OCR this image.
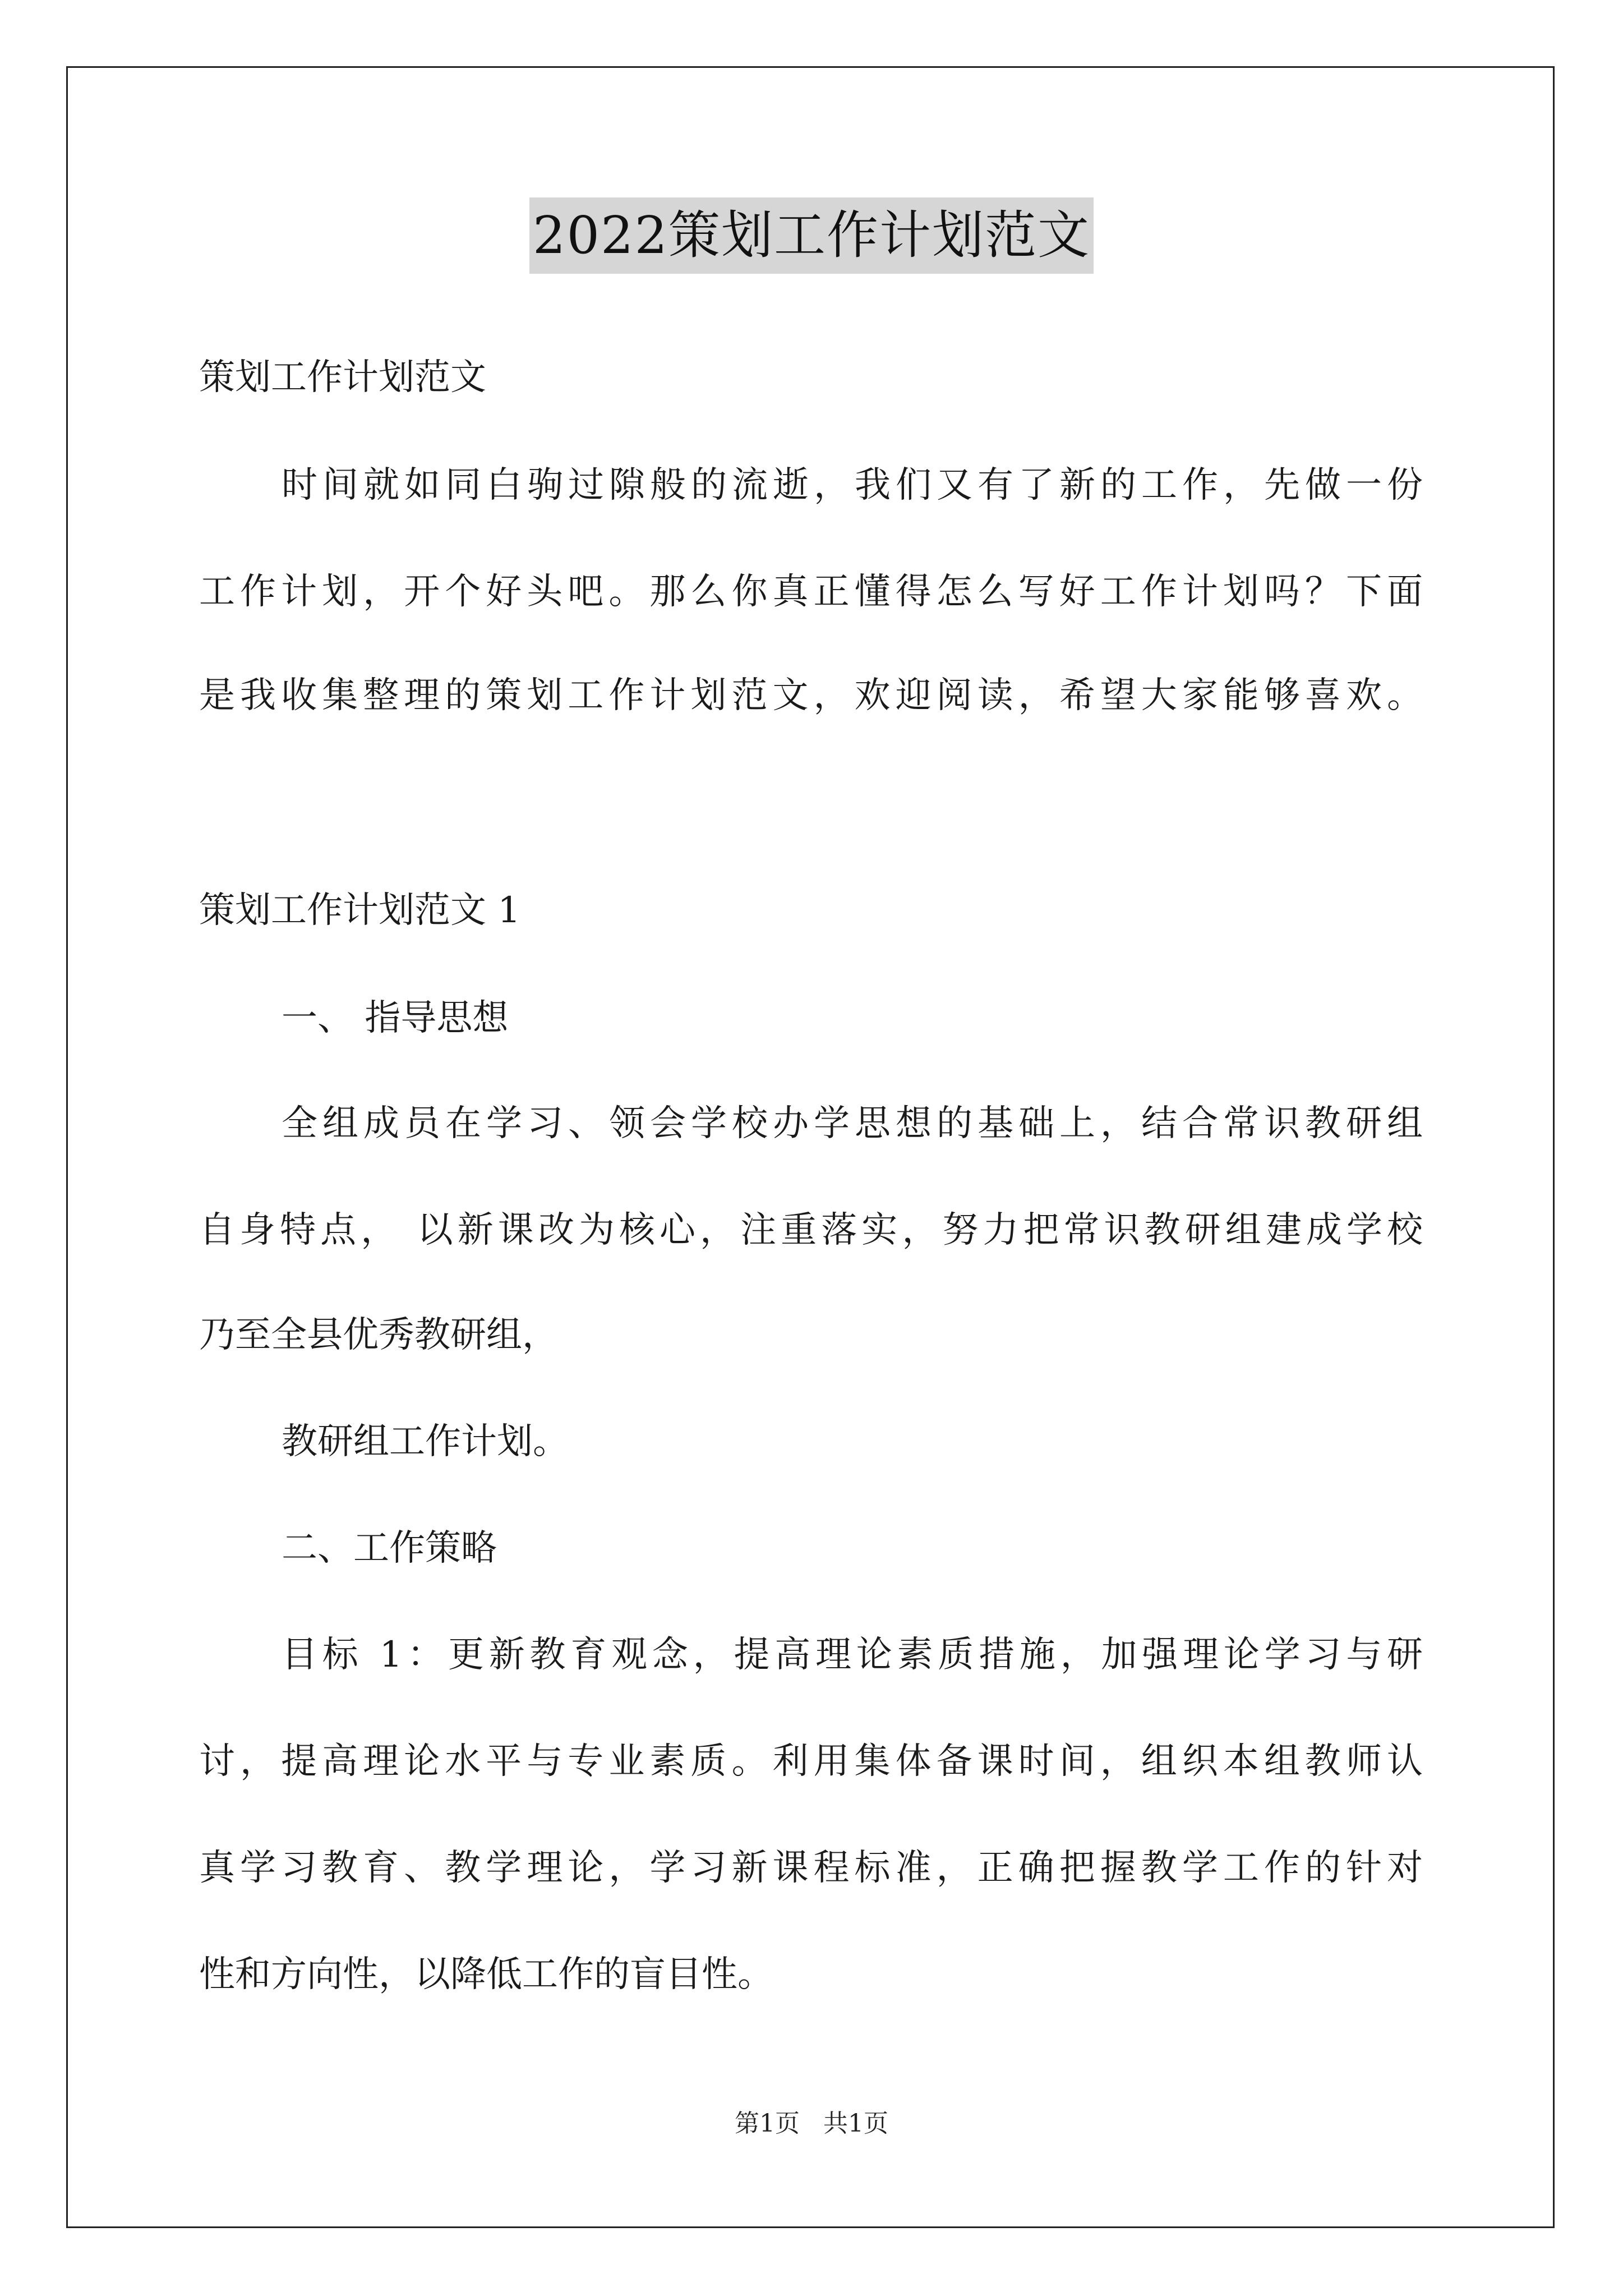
2022策划工作计划范文
策划工作计划范文
时间就如同白驹过隙般的流逝，我们又有了新的工作，先做一份
工作计划，开个好头吧。那么你真正懂得怎么写好工作计划吗？下面
是我收集整理的策划工作计划范文，欢迎阅读，希望大家能够喜欢。
策划工作计划范文 1
一、 指导思想
全组成员在学习、领会学校办学思想的基础上，结合常识教研组
自身特点， 以新课改为核心，注重落实，努力把常识教研组建成学校
乃至全县优秀教研组，
教研组工作计划。
二、工作策略
目标 1：更新教育观念，提高理论素质措施，加强理论学习与研
讨，提高理论水平与专业素质。利用集体备课时间，组织本组教师认
真学习教育、教学理论，学习新课程标准，正确把握教学工作的针对
性和方向性，以降低工作的盲目性。
第1页   共1页
